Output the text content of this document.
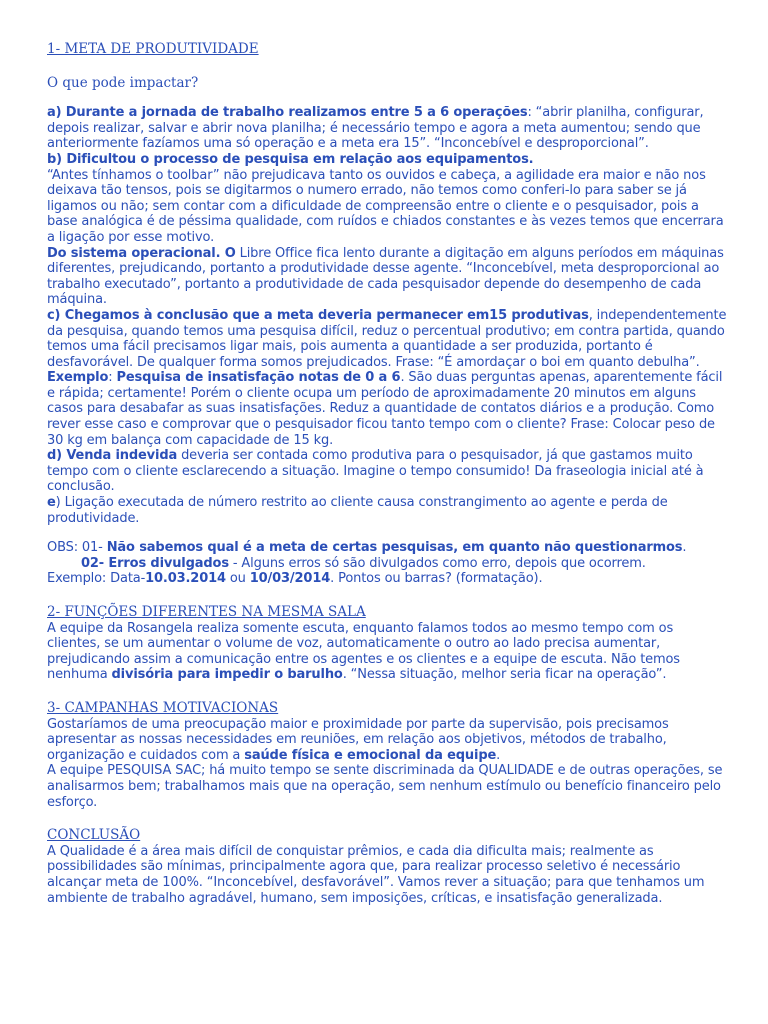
1- META DE PRODUTIVIDADE

O que pode impactar?

a) Durante a jornada de trabalho realizamos entre 5 a 6 operações: “abrir planilha, configurar, depois realizar, salvar e abrir nova planilha; é necessário tempo e agora a meta aumentou; sendo que anteriormente fazíamos uma só operação e a meta era 15”. “Inconcebível e desproporcional”.

b) Dificultou o processo de pesquisa em relação aos equipamentos.
“Antes tínhamos o toolbar” não prejudicava tanto os ouvidos e cabeça, a agilidade era maior e não nos deixava tão tensos, pois se digitarmos o numero errado, não temos como conferi-lo para saber se já ligamos ou não; sem contar com a dificuldade de compreensão entre o cliente e o pesquisador, pois a base analógica é de péssima qualidade, com ruídos e chiados constantes e às vezes temos que encerrara a ligação por esse motivo.

Do sistema operacional. O Libre Office fica lento durante a digitação em alguns períodos em máquinas diferentes, prejudicando, portanto a produtividade desse agente. “Inconcebível, meta desproporcional ao trabalho executado”, portanto a produtividade de cada pesquisador depende do desempenho de cada máquina.

c) Chegamos à conclusão que a meta deveria permanecer em15 produtivas, independentemente da pesquisa, quando temos uma pesquisa difícil, reduz o percentual produtivo; em contra partida, quando temos uma fácil precisamos ligar mais, pois aumenta a quantidade a ser produzida, portanto é desfavorável. De qualquer forma somos prejudicados. Frase: “É amordaçar o boi em quanto debulha”.

Exemplo: Pesquisa de insatisfação notas de 0 a 6. São duas perguntas apenas, aparentemente fácil e rápida; certamente! Porém o cliente ocupa um período de aproximadamente 20 minutos em alguns casos para desabafar as suas insatisfações. Reduz a quantidade de contatos diários e a produção. Como rever esse caso e comprovar que o pesquisador ficou tanto tempo com o cliente? Frase: Colocar peso de 30 kg em balança com capacidade de 15 kg.

d) Venda indevida deveria ser contada como produtiva para o pesquisador, já que gastamos muito tempo com o cliente esclarecendo a situação. Imagine o tempo consumido! Da fraseologia inicial até à conclusão.

e) Ligação executada de número restrito ao cliente causa constrangimento ao agente e perda de produtividade.

OBS: 01- Não sabemos qual é a meta de certas pesquisas, em quanto não questionarmos.

02- Erros divulgados - Alguns erros só são divulgados como erro, depois que ocorrem.

Exemplo: Data-10.03.2014 ou 10/03/2014. Pontos ou barras? (formatação).

2- FUNÇÕES DIFERENTES NA MESMA SALA

A equipe da Rosangela realiza somente escuta, enquanto falamos todos ao mesmo tempo com os clientes, se um aumentar o volume de voz, automaticamente o outro ao lado precisa aumentar, prejudicando assim a comunicação entre os agentes e os clientes e a equipe de escuta. Não temos nenhuma divisória para impedir o barulho. “Nessa situação, melhor seria ficar na operação”.

3- CAMPANHAS MOTIVACIONAS

Gostaríamos de uma preocupação maior e proximidade por parte da supervisão, pois precisamos apresentar as nossas necessidades em reuniões, em relação aos objetivos, métodos de trabalho, organização e cuidados com a saúde física e emocional da equipe.

A equipe PESQUISA SAC; há muito tempo se sente discriminada da QUALIDADE e de outras operações, se analisarmos bem; trabalhamos mais que na operação, sem nenhum estímulo ou benefício financeiro pelo esforço.

CONCLUSÃO

A Qualidade é a área mais difícil de conquistar prêmios, e cada dia dificulta mais; realmente as possibilidades são mínimas, principalmente agora que, para realizar processo seletivo é necessário alcançar meta de 100%. “Inconcebível, desfavorável”. Vamos rever a situação; para que tenhamos um ambiente de trabalho agradável, humano, sem imposições, críticas, e insatisfação generalizada.
